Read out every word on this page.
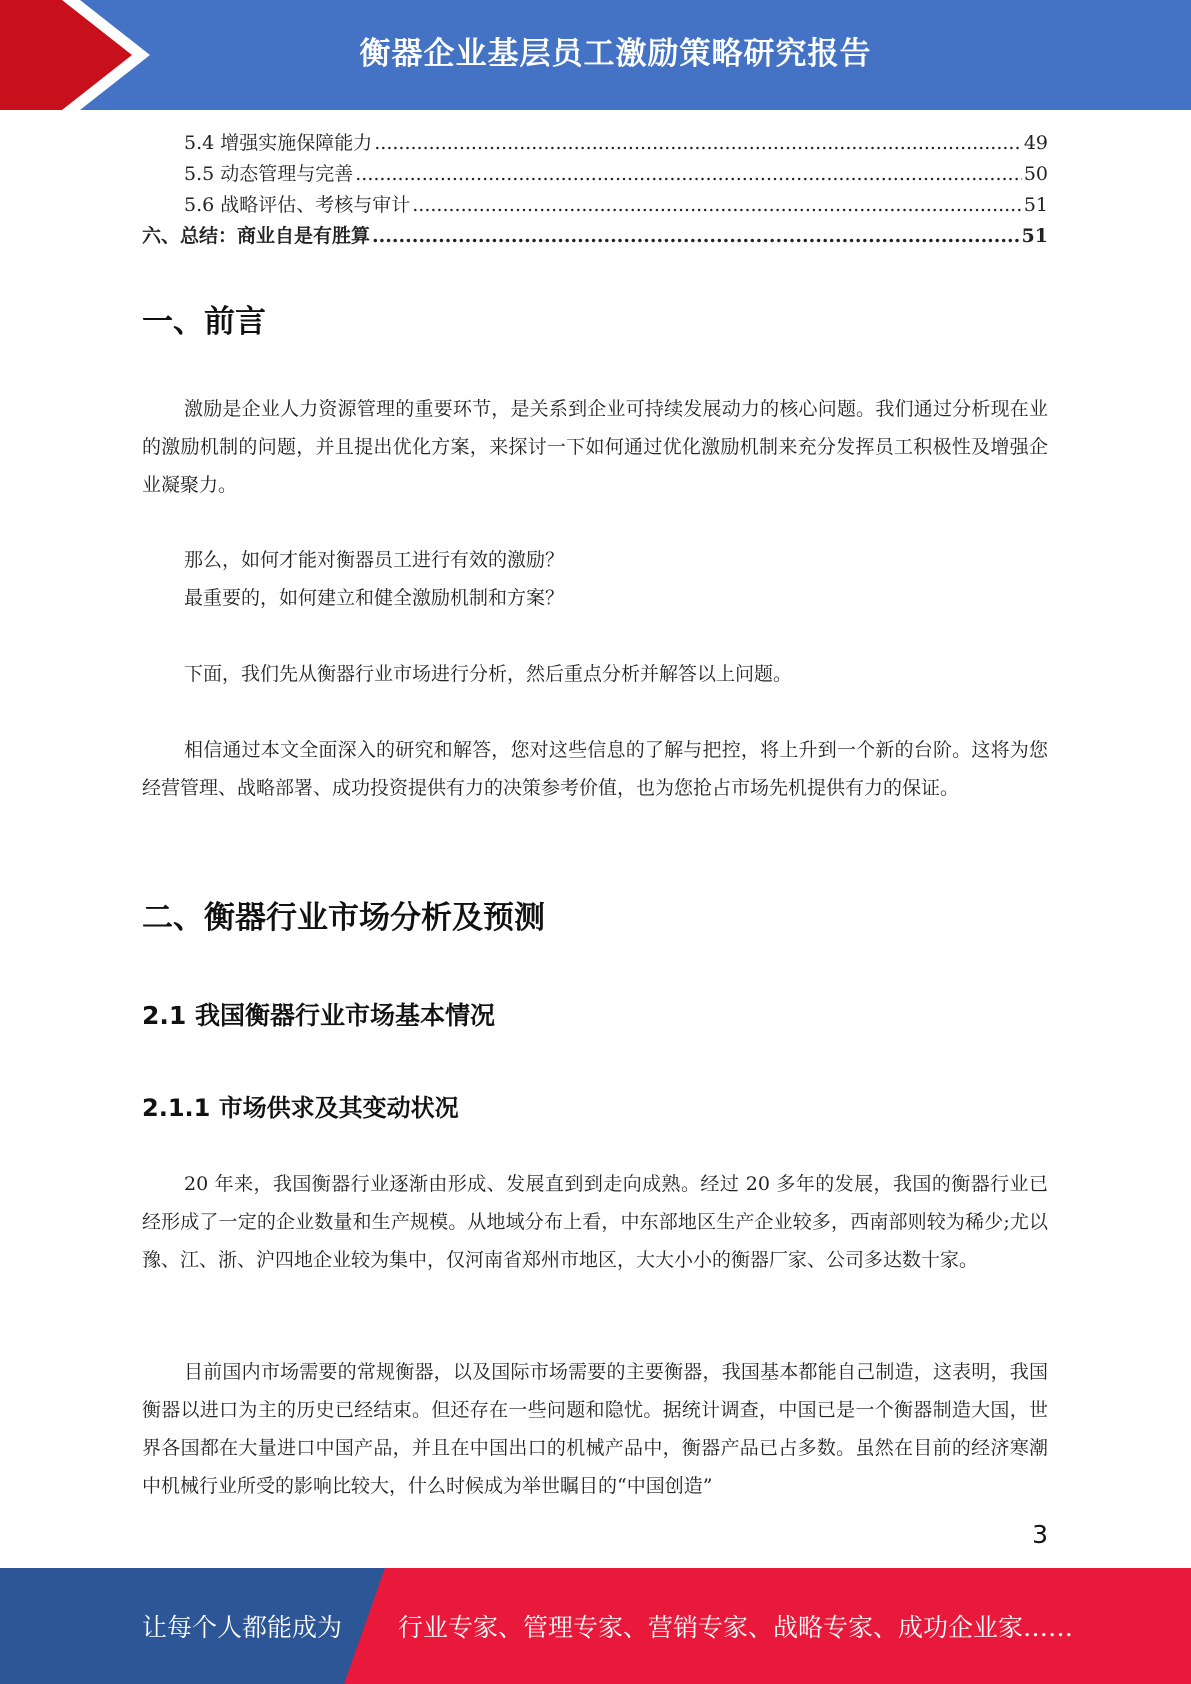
衡器企业基层员工激励策略研究报告
5.4 增强实施保障能力 .....	49
5.5 动态管理与完善 .....	50
5.6 战略评估、考核与审计 .....	51
六、总结：商业自是有胜算 .....	51
一、前言

激励是企业人力资源管理的重要环节，是关系到企业可持续发展动力的核心问题。我们通过分析现在业的激励机制的问题，并且提出优化方案，来探讨一下如何通过优化激励机制来充分发挥员工积极性及增强企业凝聚力。

那么，如何才能对衡器员工进行有效的激励？
最重要的，如何建立和健全激励机制和方案？

下面，我们先从衡器行业市场进行分析，然后重点分析并解答以上问题。

相信通过本文全面深入的研究和解答，您对这些信息的了解与把控，将上升到一个新的台阶。这将为您经营管理、战略部署、成功投资提供有力的决策参考价值，也为您抢占市场先机提供有力的保证。

二、衡器行业市场分析及预测
2.1 我国衡器行业市场基本情况
2.1.1 市场供求及其变动状况

20 年来，我国衡器行业逐渐由形成、发展直到到走向成熟。经过 20 多年的发展，我国的衡器行业已经形成了一定的企业数量和生产规模。从地域分布上看，中东部地区生产企业较多，西南部则较为稀少;尤以豫、江、浙、沪四地企业较为集中，仅河南省郑州市地区，大大小小的衡器厂家、公司多达数十家。

目前国内市场需要的常规衡器，以及国际市场需要的主要衡器，我国基本都能自己制造，这表明，我国衡器以进口为主的历史已经结束。但还存在一些问题和隐忧。据统计调查，中国已是一个衡器制造大国，世界各国都在大量进口中国产品，并且在中国出口的机械产品中，衡器产品已占多数。虽然在目前的经济寒潮中机械行业所受的影响比较大，什么时候成为举世瞩目的“中国创造”

3
让每个人都能成为 行业专家、管理专家、营销专家、战略专家、成功企业家……
